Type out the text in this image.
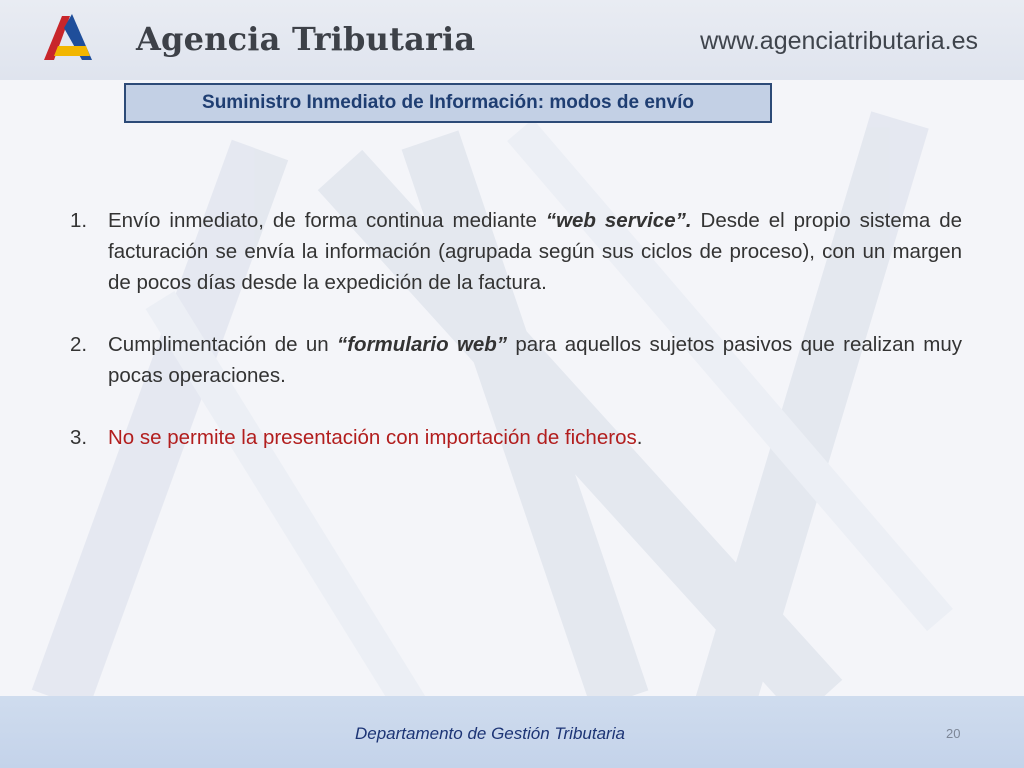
Agencia Tributaria	www.agenciatributaria.es
Suministro Inmediato de Información: modos de envío
1.	Envío inmediato, de forma continua mediante “web service”. Desde el propio sistema de facturación se envía la información (agrupada según sus ciclos de proceso), con un margen de pocos días desde la expedición de la factura.
2.	Cumplimentación de un “formulario web” para aquellos sujetos pasivos que realizan muy pocas operaciones.
3.	No se permite la presentación con importación de ficheros.
Departamento de Gestión Tributaria	20
